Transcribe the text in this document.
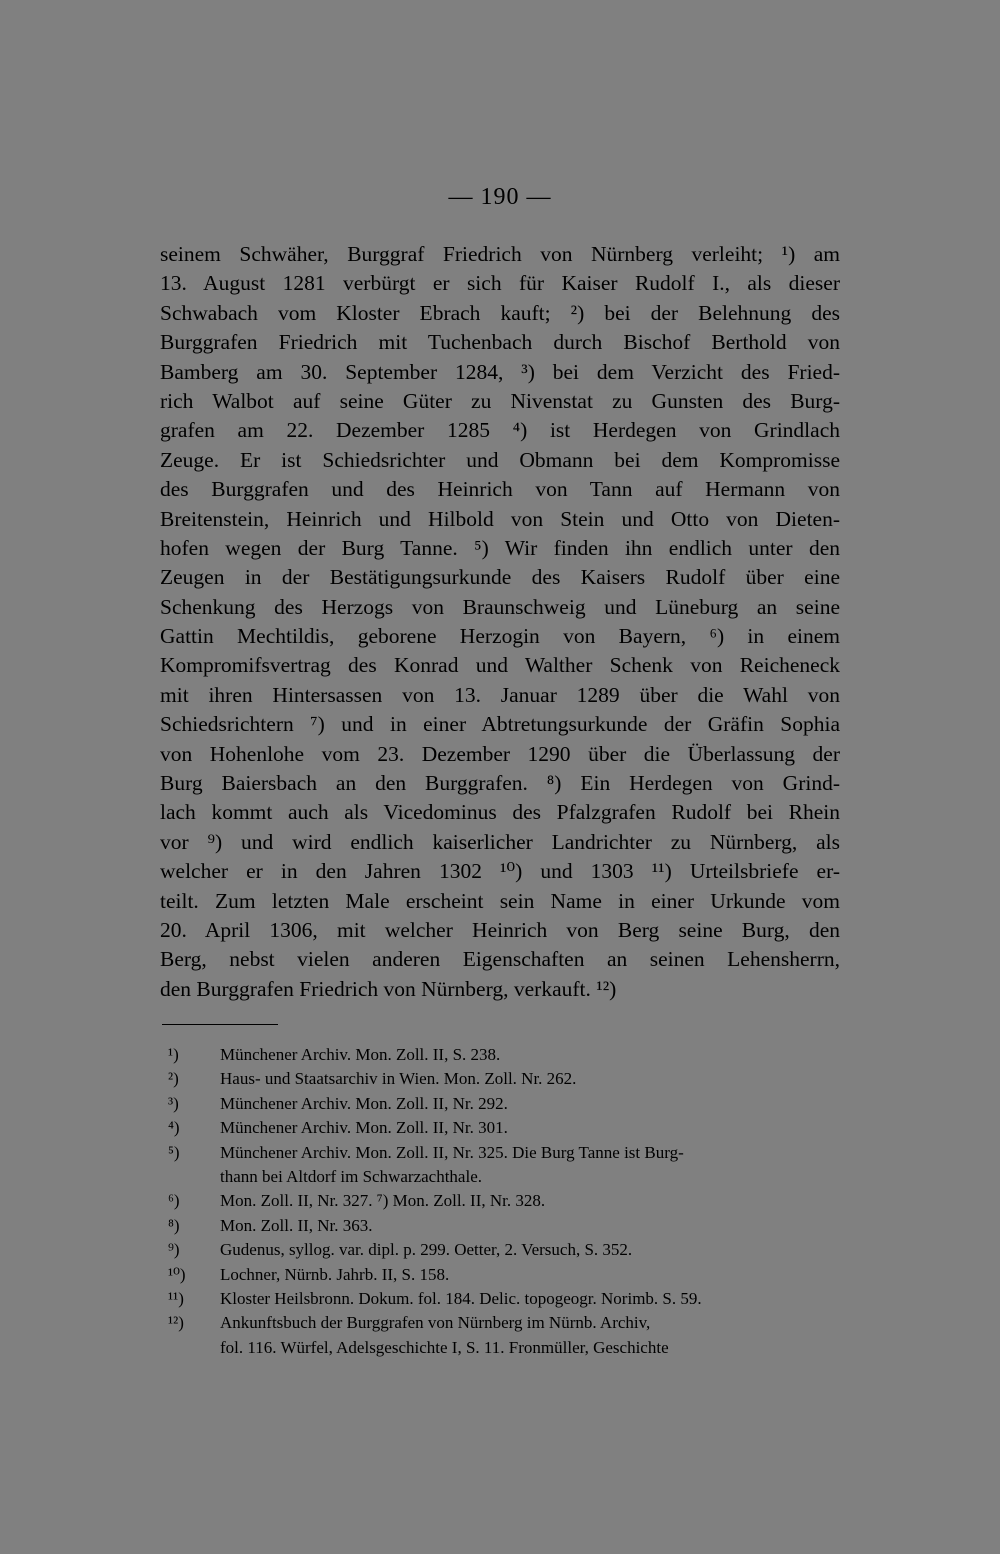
— 190 —
seinem Schwäher, Burggraf Friedrich von Nürnberg verleiht; ¹) am
13. August 1281 verbürgt er sich für Kaiser Rudolf I., als dieser
Schwabach vom Kloster Ebrach kauft; ²) bei der Belehnung des
Burggrafen Friedrich mit Tuchenbach durch Bischof Berthold von
Bamberg am 30. September 1284, ³) bei dem Verzicht des Fried-
rich Walbot auf seine Güter zu Nivenstat zu Gunsten des Burg-
grafen am 22. Dezember 1285 ⁴) ist Herdegen von Grindlach
Zeuge. Er ist Schiedsrichter und Obmann bei dem Kompromisse
des Burggrafen und des Heinrich von Tann auf Hermann von
Breitenstein, Heinrich und Hilbold von Stein und Otto von Dieten-
hofen wegen der Burg Tanne. ⁵) Wir finden ihn endlich unter den
Zeugen in der Bestätigungsurkunde des Kaisers Rudolf über eine
Schenkung des Herzogs von Braunschweig und Lüneburg an seine
Gattin Mechtildis, geborene Herzogin von Bayern, ⁶) in einem
Kompromifsvertrag des Konrad und Walther Schenk von Reicheneck
mit ihren Hintersassen von 13. Januar 1289 über die Wahl von
Schiedsrichtern ⁷) und in einer Abtretungsurkunde der Gräfin Sophia
von Hohenlohe vom 23. Dezember 1290 über die Überlassung der
Burg Baiersbach an den Burggrafen. ⁸) Ein Herdegen von Grind-
lach kommt auch als Vicedominus des Pfalzgrafen Rudolf bei Rhein
vor ⁹) und wird endlich kaiserlicher Landrichter zu Nürnberg, als
welcher er in den Jahren 1302 ¹⁰) und 1303 ¹¹) Urteilsbriefe er-
teilt. Zum letzten Male erscheint sein Name in einer Urkunde vom
20. April 1306, mit welcher Heinrich von Berg seine Burg, den
Berg, nebst vielen anderen Eigenschaften an seinen Lehensherrn,
den Burggrafen Friedrich von Nürnberg, verkauft. ¹²)
¹)	Münchener Archiv. Mon. Zoll. II, S. 238.
²)	Haus- und Staatsarchiv in Wien. Mon. Zoll. Nr. 262.
³)	Münchener Archiv. Mon. Zoll. II, Nr. 292.
⁴)	Münchener Archiv. Mon. Zoll. II, Nr. 301.
⁵)	Münchener Archiv. Mon. Zoll. II, Nr. 325. Die Burg Tanne ist Burg-
thann bei Altdorf im Schwarzachthale.
⁶)	Mon. Zoll. II, Nr. 327. ⁷) Mon. Zoll. II, Nr. 328.
⁸)	Mon. Zoll. II, Nr. 363.
⁹)	Gudenus, syllog. var. dipl. p. 299. Oetter, 2. Versuch, S. 352.
¹⁰)	Lochner, Nürnb. Jahrb. II, S. 158.
¹¹)	Kloster Heilsbronn. Dokum. fol. 184. Delic. topogeogr. Norimb. S. 59.
¹²)	Ankunftsbuch der Burggrafen von Nürnberg im Nürnb. Archiv,
fol. 116. Würfel, Adelsgeschichte I, S. 11. Fronmüller, Geschichte
